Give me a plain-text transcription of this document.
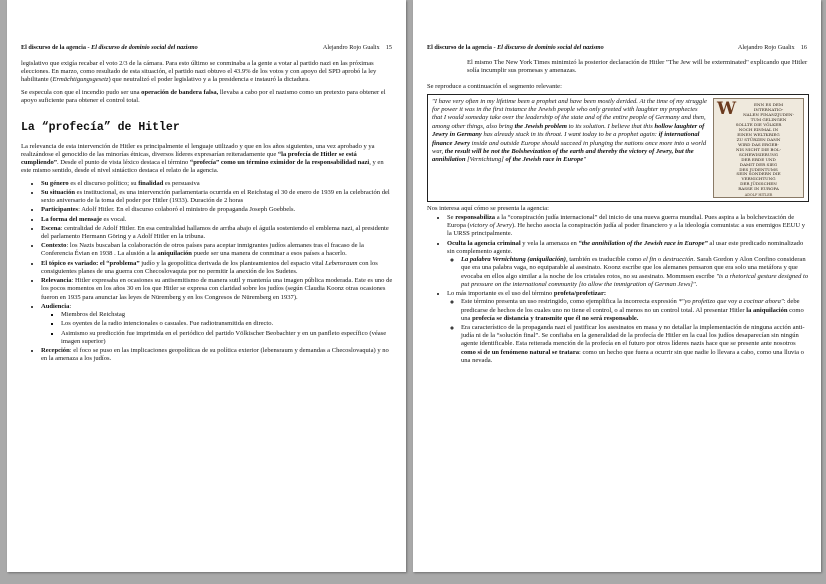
El discurso de la agencia - El discurso de dominio social del nazismo	Alejandro Rojo Gualix 15

legislativo que exigía recabar el voto 2/3 de la cámara. Para esto último se conminaba a la gente a votar al partido nazi en las próximas elecciones. En marzo, como resultado de esta situación, el partido nazi obtuvo el 43.9% de los votos y con apoyo del SPD aprobó la ley habilitante (Ermächtigungsgesetz) que neutralizó el poder legislativo y a la presidencia e instauró la dictadura.

Se especula con que el incendio pudo ser una operación de bandera falsa, llevaba a cabo por el nazismo como un pretexto para obtener el apoyo suficiente para obtener el control total.

La “profecía” de Hitler

La relevancia de esta intervención de Hitler es principalmente el lenguaje utilizado y que en los años siguientes, una vez aprobado y ya realizándose el genocidio de las minorías étnicas, diversos líderes expresarían reiteradamente que “la profecía de Hitler se está cumpliendo”. Desde el punto de vista léxico destaca el término “profecía” como un término eximidor de la responsabilidad nazi, y en este mismo sentido, desde el nivel sintáctico destaca el relato de la agencia.

• Su género es el discurso político; su finalidad es persuasiva
• Su situación es institucional, es una intervención parlamentaria ocurrida en el Reichstag el 30 de enero de 1939 en la celebración del sexto aniversario de la toma del poder por Hitler (1933). Duración de 2 horas
• Participantes: Adolf Hitler. En el discurso colaboró el ministro de propaganda Joseph Goebbels.
• La forma del mensaje es vocal.
• Escena: centralidad de Adolf Hitler. En esa centralidad hallamos de arriba abajo el águila sosteniendo el emblema nazi, al presidente del parlamento Hermann Göring y a Adolf Hitler en la tribuna.
• Contexto: los Nazis buscaban la colaboración de otros países para aceptar inmigrantes judíos alemanes tras el fracaso de la Conferencia Évian en 1938 . La alusión a la aniquilación puede ser una manera de conminar a esos países a hacerlo.
• El tópico es variado: el “problema” judío y la geopolítica derivada de los planteamientos del espacio vital Lebensraum con los consiguientes planes de una guerra con Checoslovaquia por no permitir la anexión de los Sudetes.
• Relevancia: Hitler expresaba en ocasiones su antisemitismo de manera sutil y mantenía una imagen pública moderada. Este es uno de los pocos momentos en los años 30 en los que Hitler se expresa con claridad sobre los judíos (según Claudia Koonz otras ocasiones fueron en 1935 para anunciar las leyes de Nüremberg y en los Congresos de Nüremberg en 1937).
• Audiencia:
▪ Miembros del Reichstag
▪ Los oyentes de la radio intencionales o casuales. Fue radiotransmitida en directo.
▪ Asimismo su predicción fue imprimida en el periódico del partido Völkischer Beobachter y en un panfleto específico (véase imagen superior)
• Recepción: el foco se puso en las implicaciones geopolíticas de su política exterior (lebensraum y demandas a Checoslovaquia) y no en la amenaza a los judíos.
El discurso de la agencia - El discurso de dominio social del nazismo	Alejandro Rojo Gualix 16

El mismo The New York Times minimizó la posterior declaración de Hitler "The Jew will be exterminated" explicando que Hitler solía incumplir sus promesas y amenazas.

Se reproduce a continuación el segmento relevante:

"I have very often in my lifetime been a prophet and have been mostly derided. At the time of my struggle for power it was in the first instance the Jewish people who only greeted with laughter my prophecies that I would someday take over the leadership of the state and of the entire people of Germany and then, among other things, also bring the Jewish problem to its solution. I believe that this hollow laughter of Jewry in Germany has already stuck in its throat. I want today to be a prophet again: if international finance Jewry inside and outside Europe should succeed in plunging the nations once more into a world war, the result will be not the Bolshevization of the earth and thereby the victory of Jewry, but the annihilation [Vernichtung] of the Jewish race in Europe"
W	ENN ES DEM
INTERNATIO-
NALEN FINANZJUDEN-
TUM GELINGEN
SOLLTE DIE VÖLKER
NOCH EINMAL IN
EINEN WELTKRIEG
ZU STÜRZEN DANN
WIRD DAS ERGEB-
NIS NICHT DIE BOL-
SCHEWISIERUNG
DER ERDE UND
DAMIT DER SIEG
DES JUDENTUMS
SEIN SONDERN DIE
VERNICHTUNG
DER JÜDISCHEN
RASSE IN EUROPA
ADOLF HITLER

Nos interesa aquí cómo se presenta la agencia:

• Se responsabiliza a la “conspiración judía internacional” del inicio de una nueva guerra mundial. Pues aspira a la bolchevización de Europa (victory of Jewry). He hecho asocia la conspiración judía al poder financiero y a la ideología comunista: a sus enemigos EEUU y la URSS principalmente.
• Oculta la agencia criminal y vela la amenaza en “the annihilation of the Jewish race in Europe” al usar este predicado nominalizado sin complemento agente.
◦ La palabra Vernichtung (aniquilación), también es traducible como el fin o destrucción. Sarah Gordon y Alon Confino consideran que era una palabra vaga, no equiparable al asesinato. Koonz escribe que los alemanes pensaron que era solo una metáfora y que evocaba en ellos algo similar a la noche de los cristales rotos, no su asesinato. Mommsen escribe "is a rhetorical gesture designed to put pressure on the international community [to allow the immigration of German Jews]".
• Lo más importante es el uso del término profeta/profetizar:
◦ Este término presenta un uso restringido, como ejemplifica la incorrecta expresión *"yo profetizo que voy a cocinar ahora": debe predicarse de hechos de los cuales uno no tiene el control, o al menos no un control total. Al presentar Hitler la aniquilación como una profecía se distancia y transmite que él no será responsable.
◦ Era característico de la propaganda nazi el justificar los asesinatos en masa y no detallar la implementación de ninguna acción anti-judía ni de la “solución final”. Se confiaba en la generalidad de la profecía de Hitler en la cual los judíos desaparecían sin ningún agente identificable. Esta reiterada mención de la profecía en el futuro por otros líderes nazis hace que se presente ante nosotros como si de un fenómeno natural se tratara: como un hecho que fuera a ocurrir sin que nadie lo llevara a cabo, como una lluvia o una nevada.
